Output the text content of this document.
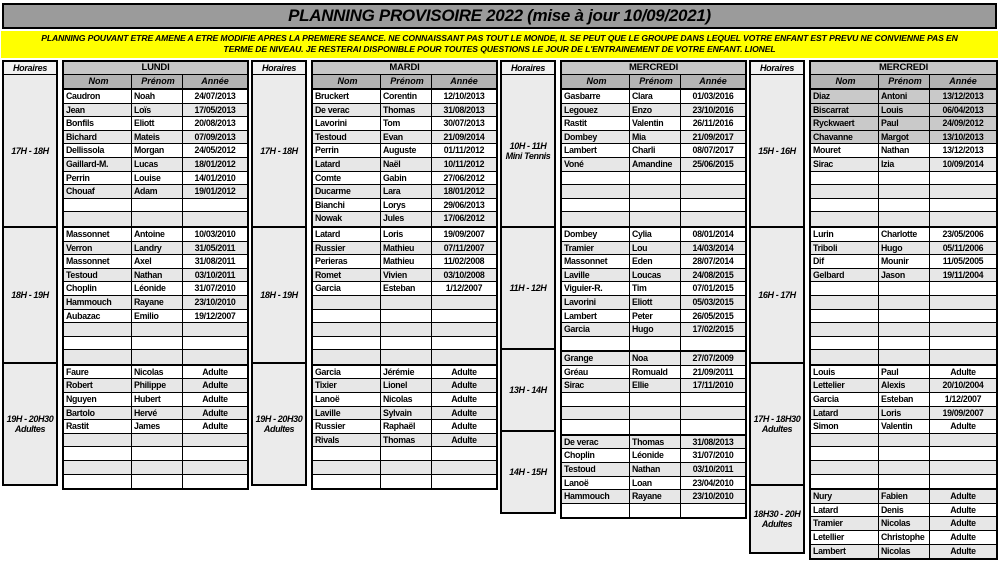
PLANNING PROVISOIRE 2022 (mise à jour 10/09/2021)
PLANNING POUVANT ETRE AMENE A ETRE MODIFIE APRES LA PREMIERE SEANCE. NE CONNAISSANT PAS TOUT LE MONDE, IL SE PEUT QUE LE GROUPE DANS LEQUEL VOTRE ENFANT EST PREVU NE CONVIENNE PAS EN
TERME DE NIVEAU. JE RESTERAI DISPONIBLE POUR TOUTES QUESTIONS LE JOUR DE L'ENTRAINEMENT DE VOTRE ENFANT. LIONEL
Horaires
17H - 18H
18H - 19H
19H - 20H30
Adultes
LUNDI
Nom	Prénom	Année
Caudron	Noah	24/07/2013
Jean	Loïs	17/05/2013
Bonfils	Eliott	20/08/2013
Bichard	Mateis	07/09/2013
Dellissola	Morgan	24/05/2012
Gaillard-M.	Lucas	18/01/2012
Perrin	Louise	14/01/2010
Chouaf	Adam	19/01/2012

Massonnet	Antoine	10/03/2010
Verron	Landry	31/05/2011
Massonnet	Axel	31/08/2011
Testoud	Nathan	03/10/2011
Choplin	Léonide	31/07/2010
Hammouch	Rayane	23/10/2010
Aubazac	Emilio	19/12/2007

Faure	Nicolas	Adulte
Robert	Philippe	Adulte
Nguyen	Hubert	Adulte
Bartolo	Hervé	Adulte
Rastit	James	Adulte

Horaires
17H - 18H
18H - 19H
19H - 20H30
Adultes
MARDI
Nom	Prénom	Année
Bruckert	Corentin	12/10/2013
De verac	Thomas	31/08/2013
Lavorini	Tom	30/07/2013
Testoud	Evan	21/09/2014
Perrin	Auguste	01/11/2012
Latard	Naël	10/11/2012
Comte	Gabin	27/06/2012
Ducarme	Lara	18/01/2012
Bianchi	Lorys	29/06/2013
Nowak	Jules	17/06/2012
Latard	Loris	19/09/2007
Russier	Mathieu	07/11/2007
Perieras	Mathieu	11/02/2008
Romet	Vivien	03/10/2008
Garcia	Esteban	1/12/2007

Garcia	Jérémie	Adulte
Tixier	Lionel	Adulte
Lanoë	Nicolas	Adulte
Laville	Sylvain	Adulte
Russier	Raphaël	Adulte
Rivals	Thomas	Adulte

Horaires
10H - 11H
Mini Tennis
11H - 12H
13H - 14H
14H - 15H
MERCREDI
Nom	Prénom	Année
Gasbarre	Clara	01/03/2016
Legouez	Enzo	23/10/2016
Rastit	Valentin	26/11/2016
Dombey	Mia	21/09/2017
Lambert	Charli	08/07/2017
Voné	Amandine	25/06/2015

Dombey	Cylia	08/01/2014
Tramier	Lou	14/03/2014
Massonnet	Eden	28/07/2014
Laville	Loucas	24/08/2015
Viguier-R.	Tim	07/01/2015
Lavorini	Eliott	05/03/2015
Lambert	Peter	26/05/2015
Garcia	Hugo	17/02/2015

Grange	Noa	27/07/2009
Gréau	Romuald	21/09/2011
Sirac	Ellie	17/11/2010

De verac	Thomas	31/08/2013
Choplin	Léonide	31/07/2010
Testoud	Nathan	03/10/2011
Lanoë	Loan	23/04/2010
Hammouch	Rayane	23/10/2010

Horaires
15H - 16H
16H - 17H
17H - 18H30
Adultes
18H30 - 20H
Adultes
MERCREDI
Nom	Prénom	Année
Diaz	Antoni	13/12/2013
Biscarrat	Louis	06/04/2013
Ryckwaert	Paul	24/09/2012
Chavanne	Margot	13/10/2013
Mouret	Nathan	13/12/2013
Sirac	Izia	10/09/2014

Lurin	Charlotte	23/05/2006
Triboli	Hugo	05/11/2006
Dif	Mounir	11/05/2005
Gelbard	Jason	19/11/2004

Louis	Paul	Adulte
Lettelier	Alexis	20/10/2004
Garcia	Esteban	1/12/2007
Latard	Loris	19/09/2007
Simon	Valentin	Adulte

Nury	Fabien	Adulte
Latard	Denis	Adulte
Tramier	Nicolas	Adulte
Letellier	Christophe	Adulte
Lambert	Nicolas	Adulte
